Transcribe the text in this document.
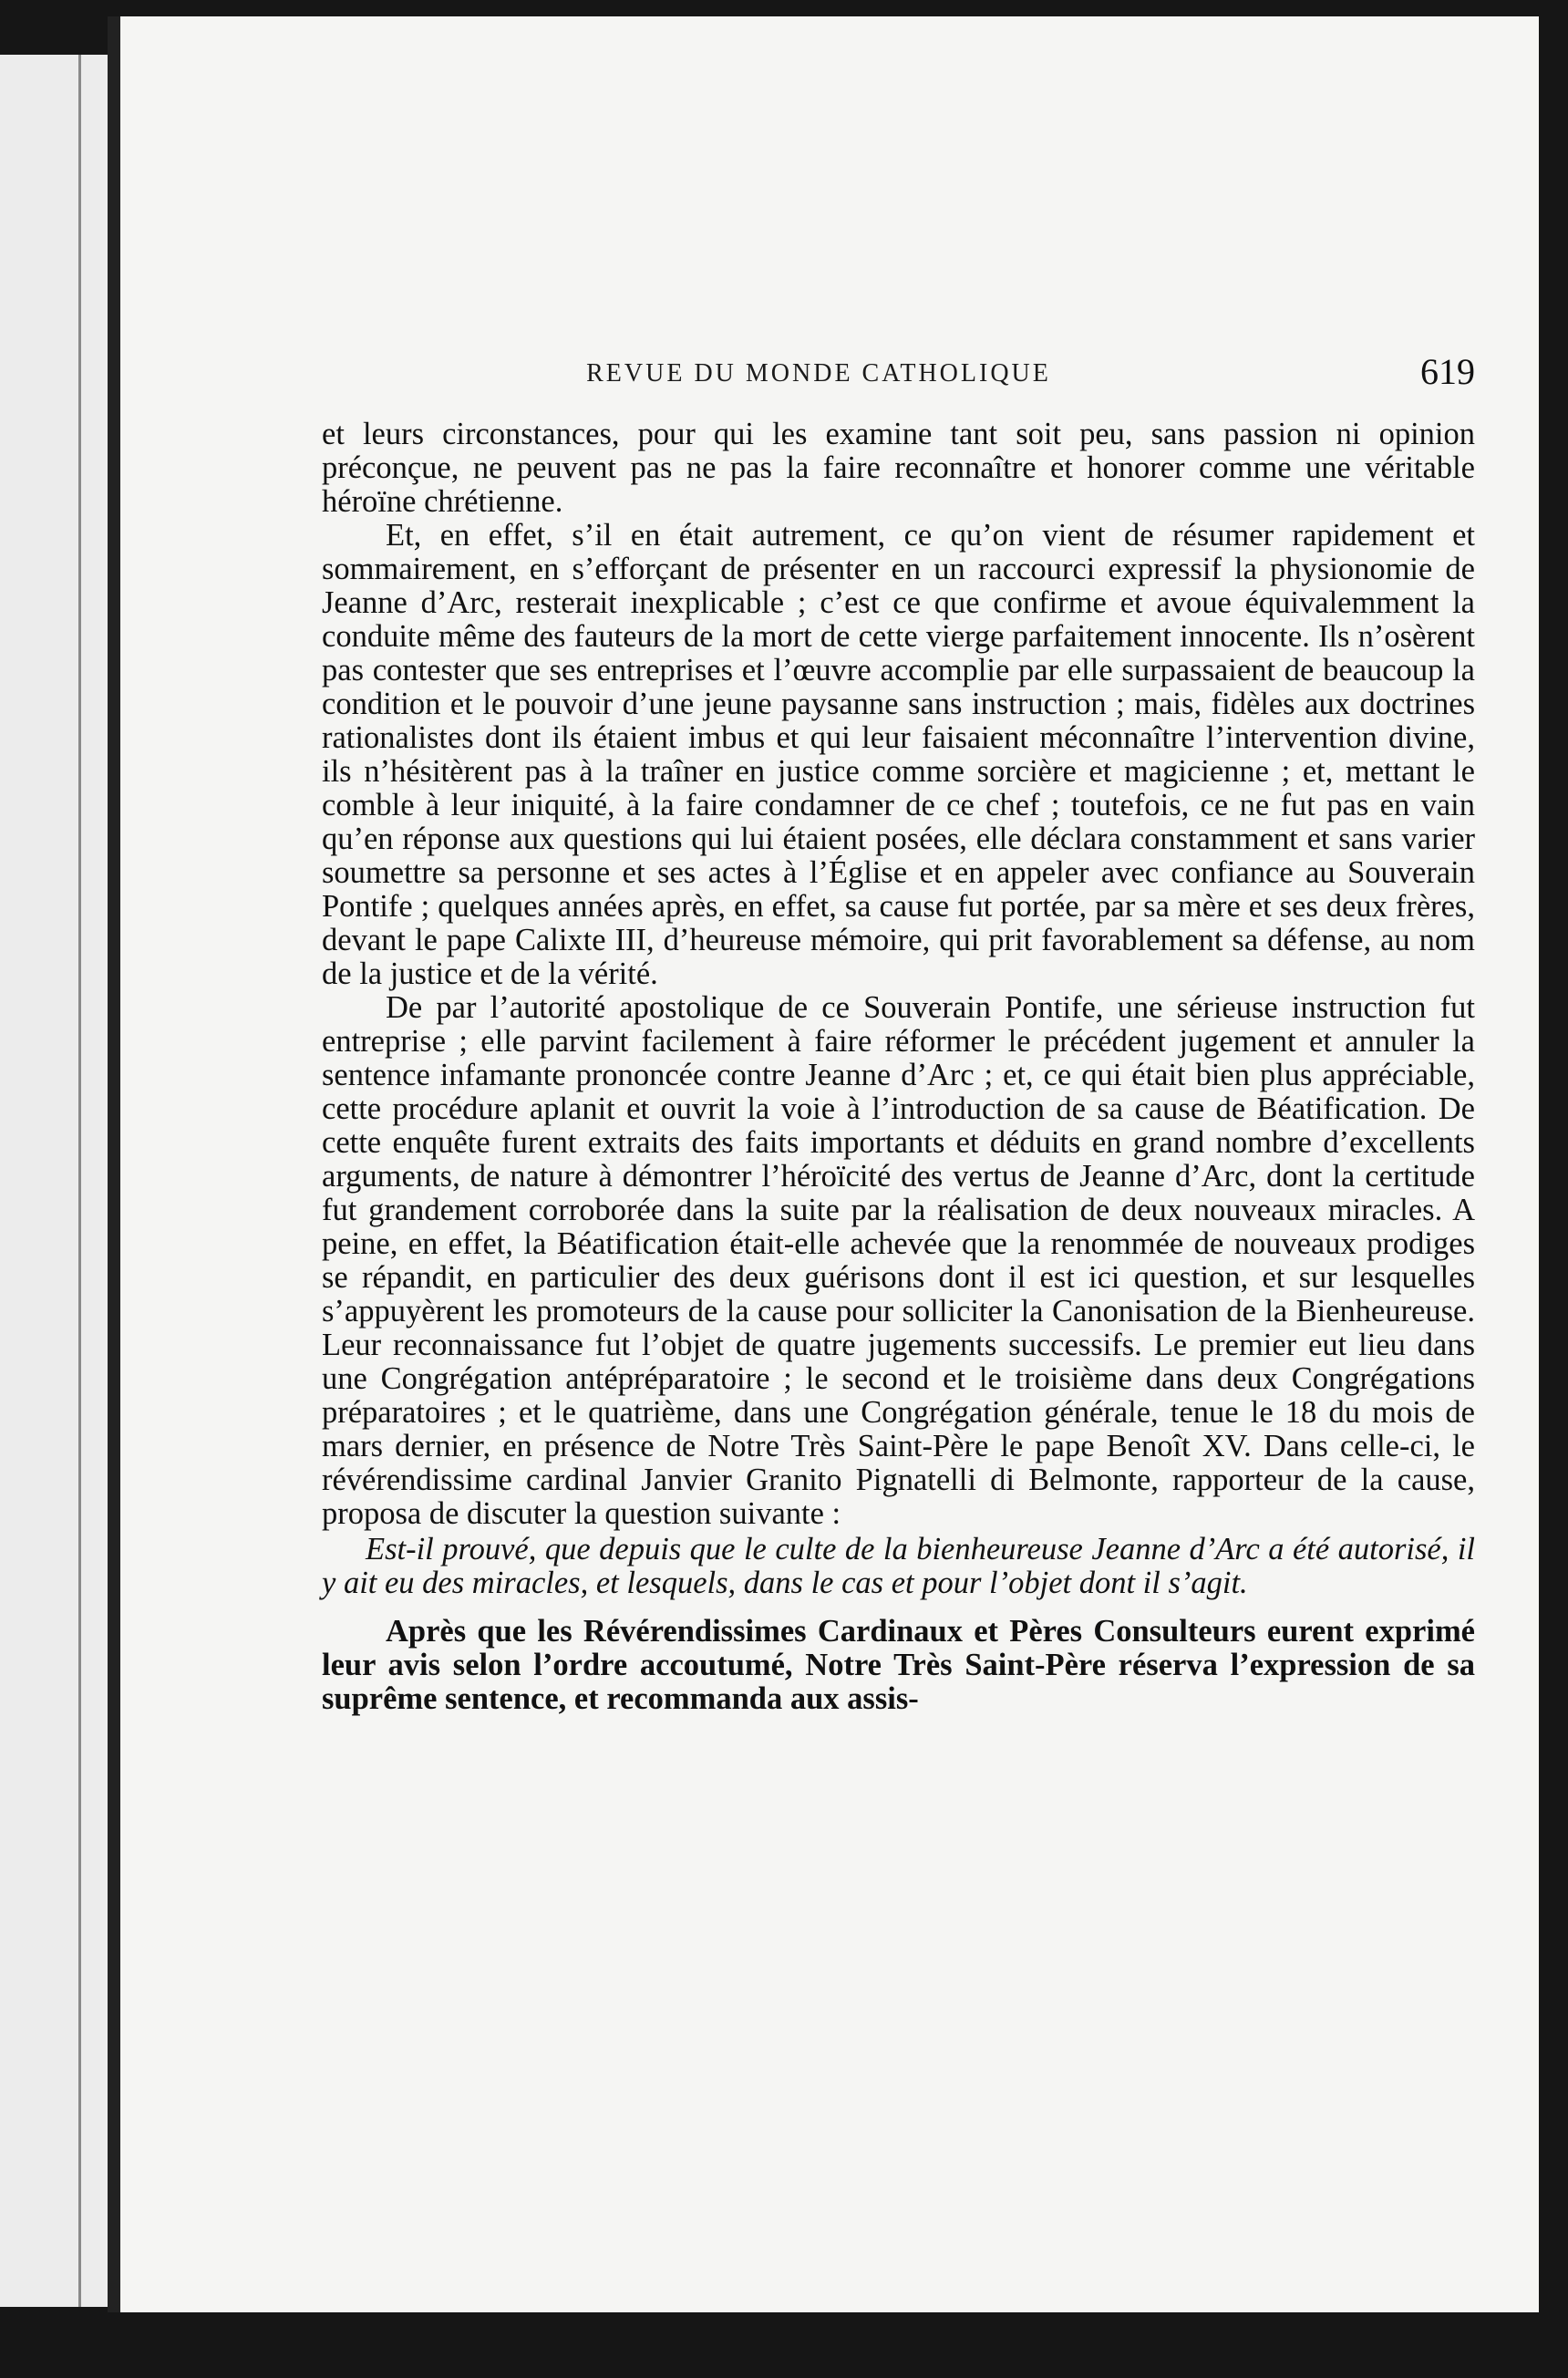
REVUE DU MONDE CATHOLIQUE	619

et leurs circonstances, pour qui les examine tant soit peu, sans passion ni opinion préconçue, ne peuvent pas ne pas la faire reconnaître et honorer comme une véritable héroïne chrétienne.

Et, en effet, s’il en était autrement, ce qu’on vient de résumer rapidement et sommairement, en s’efforçant de présenter en un raccourci expressif la physionomie de Jeanne d’Arc, resterait inexplicable ; c’est ce que confirme et avoue équivalemment la conduite même des fauteurs de la mort de cette vierge parfaitement innocente. Ils n’osèrent pas contester que ses entreprises et l’œuvre accomplie par elle surpassaient de beaucoup la condition et le pouvoir d’une jeune paysanne sans instruction ; mais, fidèles aux doctrines rationalistes dont ils étaient imbus et qui leur faisaient méconnaître l’intervention divine, ils n’hésitèrent pas à la traîner en justice comme sorcière et magicienne ; et, mettant le comble à leur iniquité, à la faire condamner de ce chef ; toutefois, ce ne fut pas en vain qu’en réponse aux questions qui lui étaient posées, elle déclara constamment et sans varier soumettre sa personne et ses actes à l’Église et en appeler avec confiance au Souverain Pontife ; quelques années après, en effet, sa cause fut portée, par sa mère et ses deux frères, devant le pape Calixte III, d’heureuse mémoire, qui prit favorablement sa défense, au nom de la justice et de la vérité.

De par l’autorité apostolique de ce Souverain Pontife, une sérieuse instruction fut entreprise ; elle parvint facilement à faire réformer le précédent jugement et annuler la sentence infamante prononcée contre Jeanne d’Arc ; et, ce qui était bien plus appréciable, cette procédure aplanit et ouvrit la voie à l’introduction de sa cause de Béatification. De cette enquête furent extraits des faits importants et déduits en grand nombre d’excellents arguments, de nature à démontrer l’héroïcité des vertus de Jeanne d’Arc, dont la certitude fut grandement corroborée dans la suite par la réalisation de deux nouveaux miracles. A peine, en effet, la Béatification était-elle achevée que la renommée de nouveaux prodiges se répandit, en particulier des deux guérisons dont il est ici question, et sur lesquelles s’appuyèrent les promoteurs de la cause pour solliciter la Canonisation de la Bienheureuse. Leur reconnaissance fut l’objet de quatre jugements successifs. Le premier eut lieu dans une Congrégation antépréparatoire ; le second et le troisième dans deux Congrégations préparatoires ; et le quatrième, dans une Congrégation générale, tenue le 18 du mois de mars dernier, en présence de Notre Très Saint-Père le pape Benoît XV. Dans celle-ci, le révérendissime cardinal Janvier Granito Pignatelli di Belmonte, rapporteur de la cause, proposa de discuter la question suivante :

Est-il prouvé, que depuis que le culte de la bienheureuse Jeanne d’Arc a été autorisé, il y ait eu des miracles, et lesquels, dans le cas et pour l’objet dont il s’agit.

Après que les Révérendissimes Cardinaux et Pères Consulteurs eurent exprimé leur avis selon l’ordre accoutumé, Notre Très Saint-Père réserva l’expression de sa suprême sentence, et recommanda aux assis-
